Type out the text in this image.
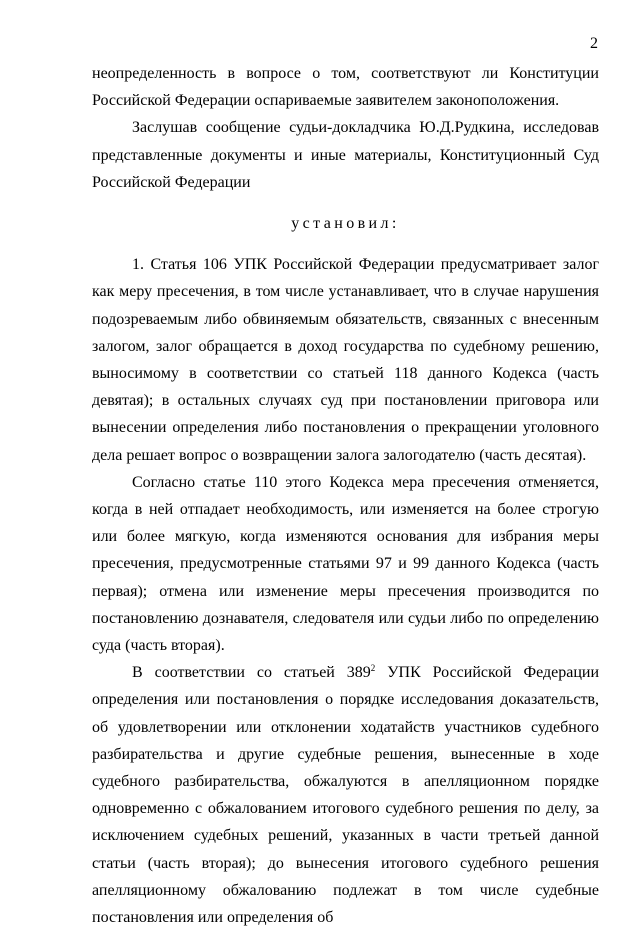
2

неопределенность в вопросе о том, соответствуют ли Конституции Российской Федерации оспариваемые заявителем законоположения.

Заслушав сообщение судьи-докладчика Ю.Д.Рудкина, исследовав представленные документы и иные материалы, Конституционный Суд Российской Федерации

установил:

1. Статья 106 УПК Российской Федерации предусматривает залог как меру пресечения, в том числе устанавливает, что в случае нарушения подозреваемым либо обвиняемым обязательств, связанных с внесенным залогом, залог обращается в доход государства по судебному решению, выносимому в соответствии со статьей 118 данного Кодекса (часть девятая); в остальных случаях суд при постановлении приговора или вынесении определения либо постановления о прекращении уголовного дела решает вопрос о возвращении залога залогодателю (часть десятая).

Согласно статье 110 этого Кодекса мера пресечения отменяется, когда в ней отпадает необходимость, или изменяется на более строгую или более мягкую, когда изменяются основания для избрания меры пресечения, предусмотренные статьями 97 и 99 данного Кодекса (часть первая); отмена или изменение меры пресечения производится по постановлению дознавателя, следователя или судьи либо по определению суда (часть вторая).

В соответствии со статьей $389^2$ УПК Российской Федерации определения или постановления о порядке исследования доказательств, об удовлетворении или отклонении ходатайств участников судебного разбирательства и другие судебные решения, вынесенные в ходе судебного разбирательства, обжалуются в апелляционном порядке одновременно с обжалованием итогового судебного решения по делу, за исключением судебных решений, указанных в части третьей данной статьи (часть вторая); до вынесения итогового судебного решения апелляционному обжалованию подлежат в том числе судебные постановления или определения об
